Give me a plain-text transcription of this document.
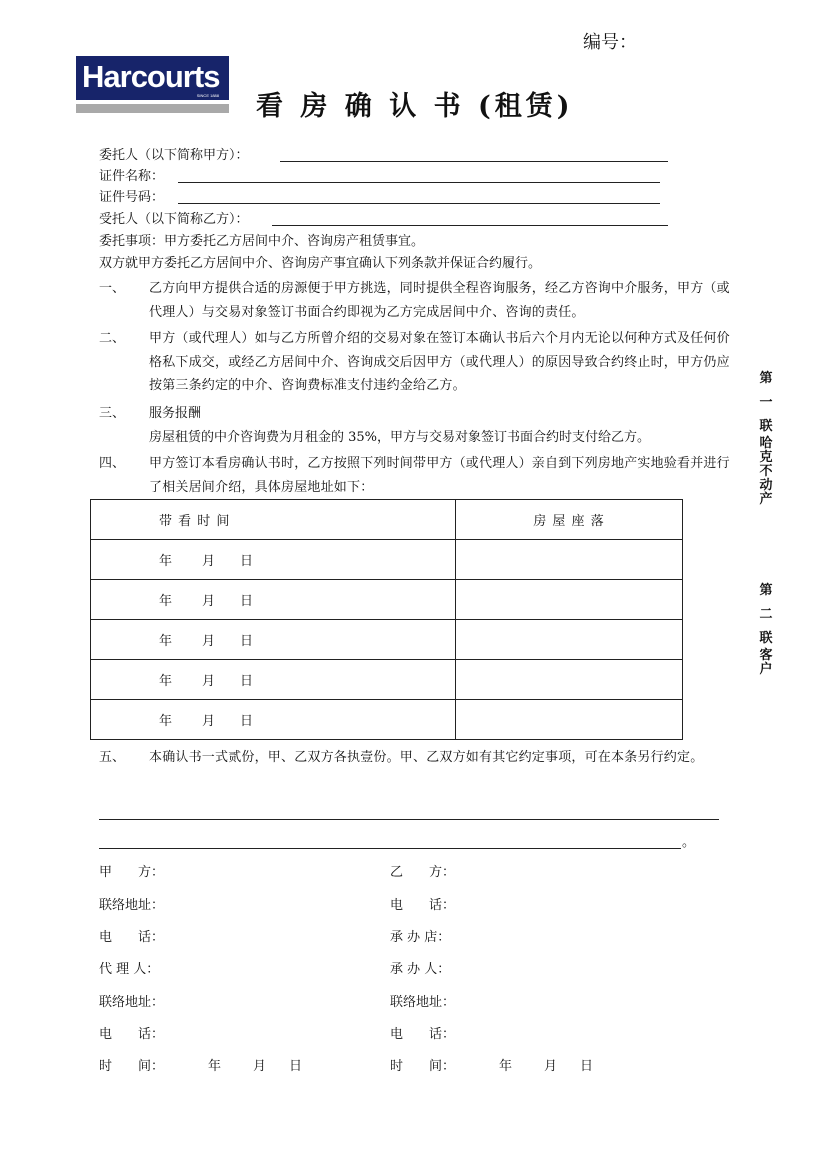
编号：
Harcourts
SINCE 1888 看 房 确 认 书 (租赁)
委托人（以下简称甲方）：
证件名称：
证件号码：
受托人（以下简称乙方）：
委托事项：甲方委托乙方居间中介、咨询房产租赁事宜。
双方就甲方委托乙方居间中介、咨询房产事宜确认下列条款并保证合约履行。
一、 乙方向甲方提供合适的房源便于甲方挑选，同时提供全程咨询服务，经乙方咨询中介服务，甲方（或代理人）与交易对象签订书面合约即视为乙方完成居间中介、咨询的责任。
二、 甲方（或代理人）如与乙方所曾介绍的交易对象在签订本确认书后六个月内无论以何种方式及任何价格私下成交，或经乙方居间中介、咨询成交后因甲方（或代理人）的原因导致合约终止时，甲方仍应按第三条约定的中介、咨询费标准支付违约金给乙方。
三、 服务报酬
房屋租赁的中介咨询费为月租金的 35%，甲方与交易对象签订书面合约时支付给乙方。
四、 甲方签订本看房确认书时，乙方按照下列时间带甲方（或代理人）亲自到下列房地产实地验看并进行了相关居间介绍，具体房屋地址如下：
带 看 时 间	房 屋 座 落
年 月 日	
年 月 日	
年 月 日	
年 月 日	
年 月 日	
五、 本确认书一式贰份，甲、乙双方各执壹份。甲、乙双方如有其它约定事项，可在本条另行约定。
。
甲　　方：
联络地址：
电　　话：
代 理 人：
联络地址：
电　　话：
时　　间：	年 月 日
乙　　方：
电　　话：
承 办 店：
承 办 人：
联络地址：
电　　话：
时　　间：	年 月 日
第
一
联
哈
克
不
动
产
第
二
联
客
户
